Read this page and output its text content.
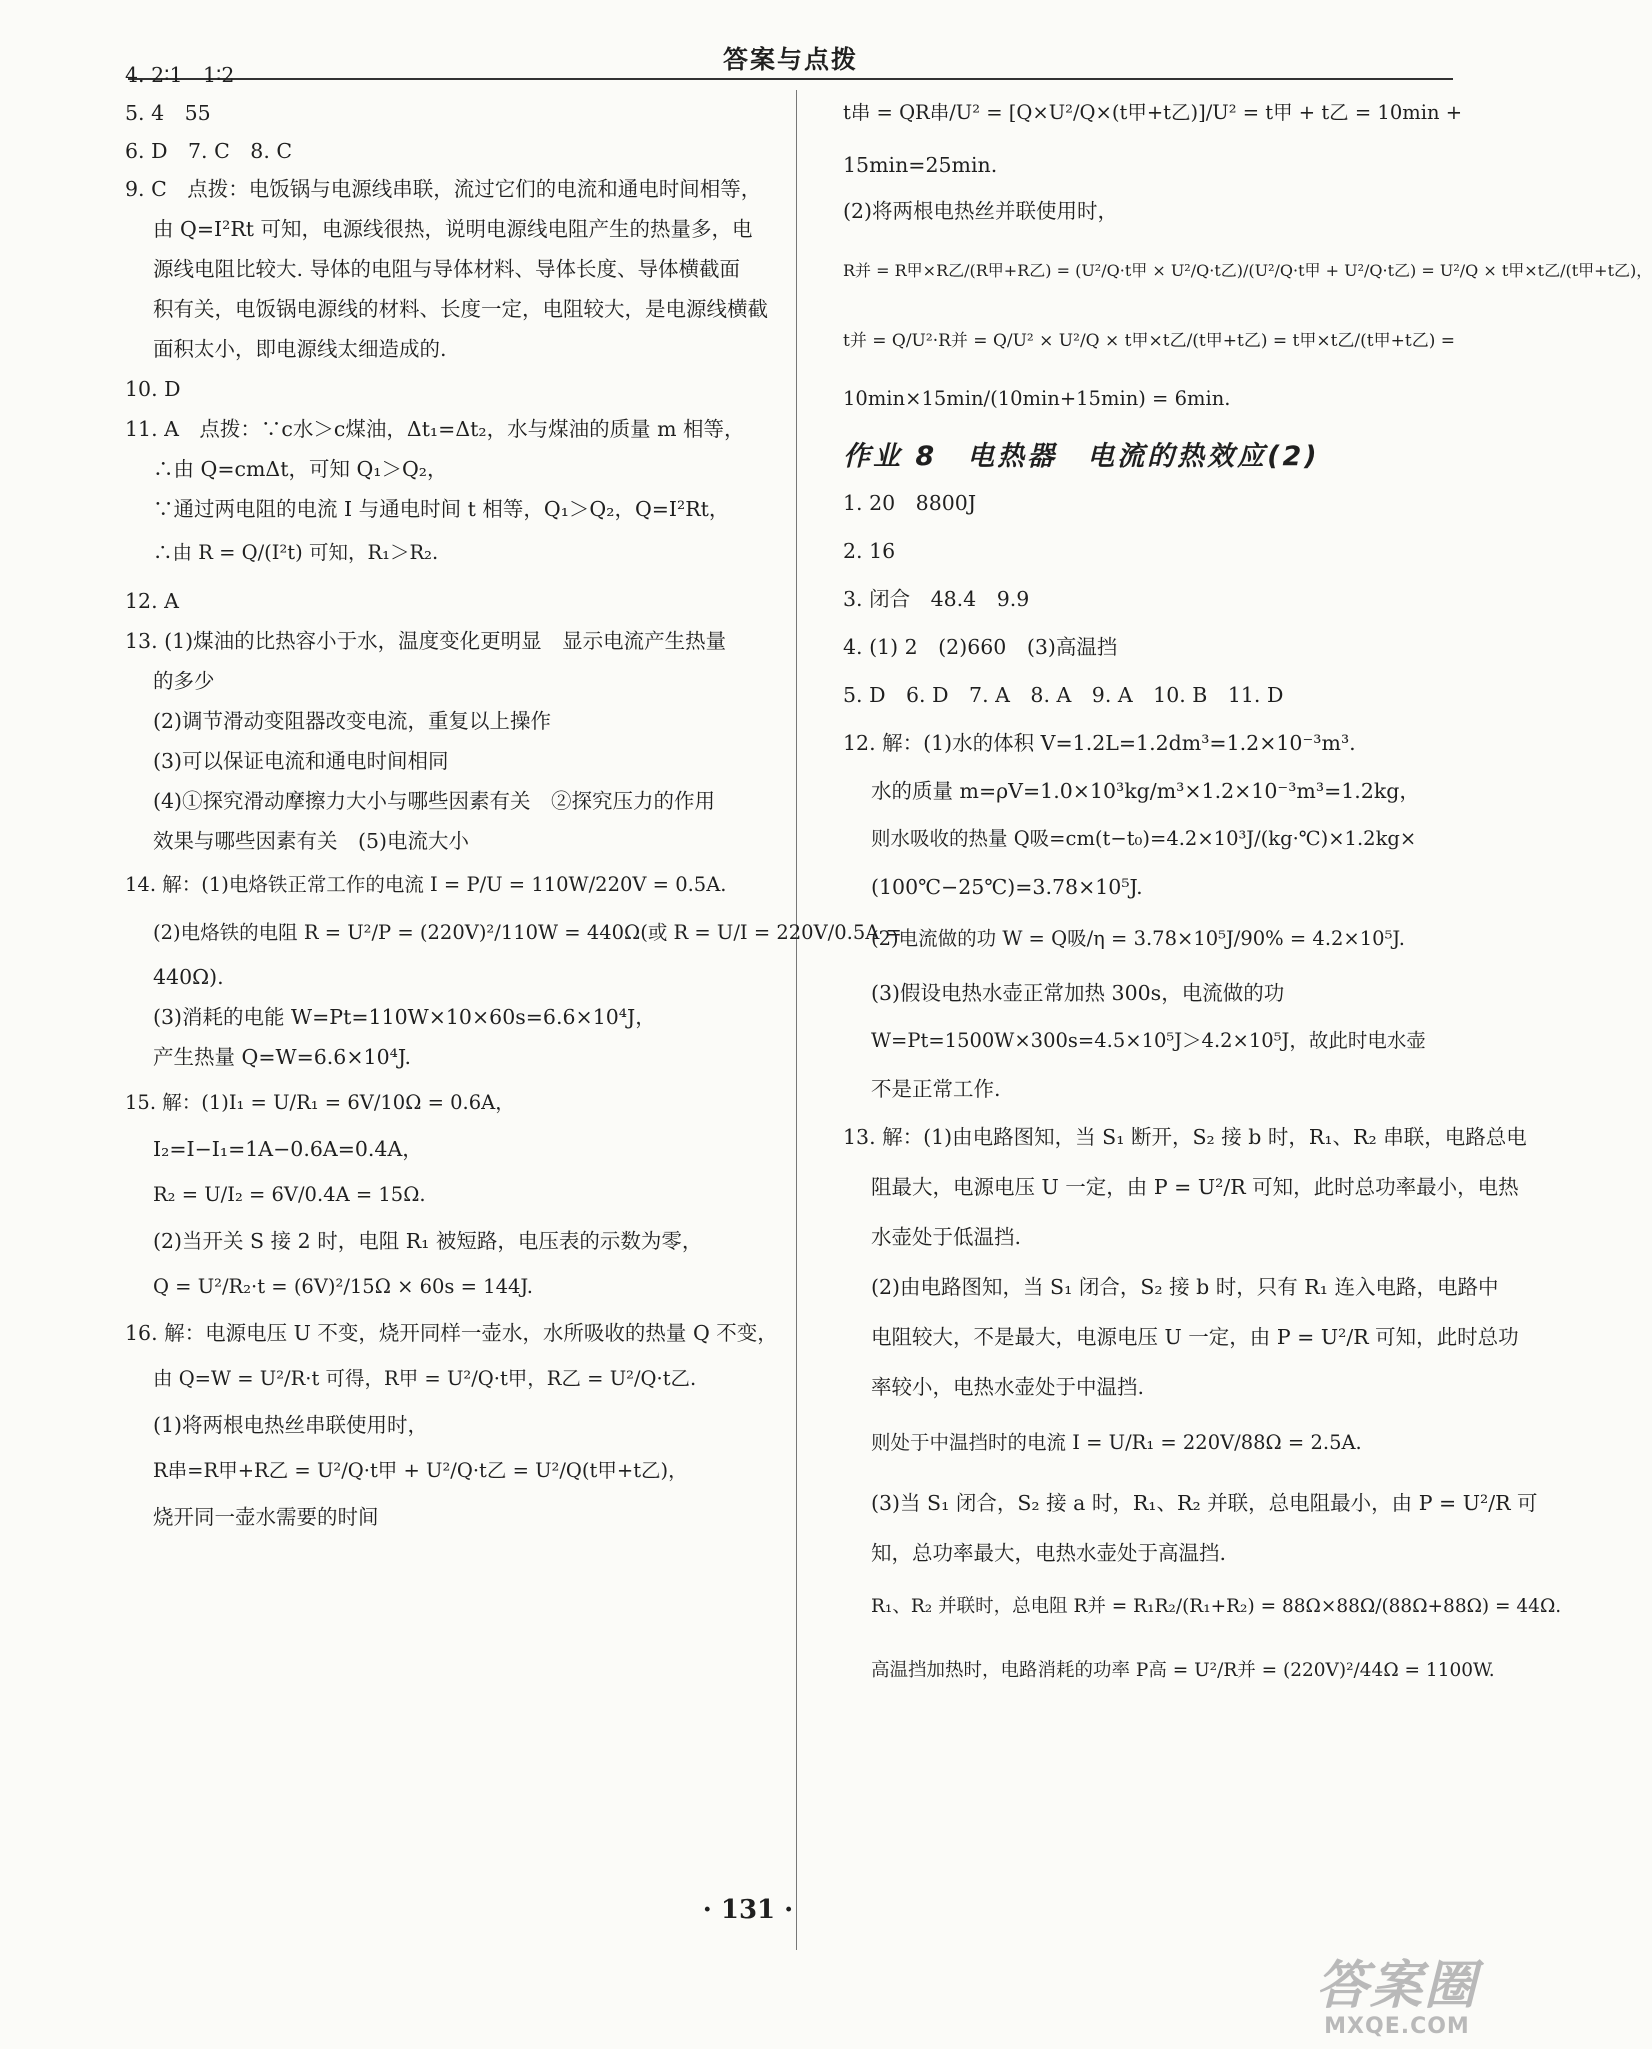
答案与点拨
4. 2∶1　1∶2
5. 4　55
6. D　7. C　8. C
9. C　点拨：电饭锅与电源线串联，流过它们的电流和通电时间相等，
由 Q=I²Rt 可知，电源线很热，说明电源线电阻产生的热量多，电
源线电阻比较大. 导体的电阻与导体材料、导体长度、导体横截面
积有关，电饭锅电源线的材料、长度一定，电阻较大，是电源线横截
面积太小，即电源线太细造成的.
10. D
11. A　点拨：∵c水＞c煤油，Δt₁=Δt₂，水与煤油的质量 m 相等，
∴由 Q=cmΔt，可知 Q₁＞Q₂，
∵通过两电阻的电流 I 与通电时间 t 相等，Q₁＞Q₂，Q=I²Rt，
∴由 R = Q/(I²t) 可知，R₁＞R₂.
12. A
13. (1)煤油的比热容小于水，温度变化更明显　显示电流产生热量
的多少
(2)调节滑动变阻器改变电流，重复以上操作
(3)可以保证电流和通电时间相同
(4)①探究滑动摩擦力大小与哪些因素有关　②探究压力的作用
效果与哪些因素有关　(5)电流大小
14. 解：(1)电烙铁正常工作的电流 I = P/U = 110W/220V = 0.5A.
(2)电烙铁的电阻 R = U²/P = (220V)²/110W = 440Ω(或 R = U/I = 220V/0.5A =
440Ω).
(3)消耗的电能 W=Pt=110W×10×60s=6.6×10⁴J，
产生热量 Q=W=6.6×10⁴J.
15. 解：(1)I₁ = U/R₁ = 6V/10Ω = 0.6A，
I₂=I−I₁=1A−0.6A=0.4A，
R₂ = U/I₂ = 6V/0.4A = 15Ω.
(2)当开关 S 接 2 时，电阻 R₁ 被短路，电压表的示数为零，
Q = U²/R₂·t = (6V)²/15Ω × 60s = 144J.
16. 解：电源电压 U 不变，烧开同样一壶水，水所吸收的热量 Q 不变，
由 Q=W = U²/R·t 可得，R甲 = U²/Q·t甲，R乙 = U²/Q·t乙.
(1)将两根电热丝串联使用时，
R串=R甲+R乙 = U²/Q·t甲 + U²/Q·t乙 = U²/Q(t甲+t乙)，
烧开同一壶水需要的时间
t串 = QR串/U² = [Q×U²/Q×(t甲+t乙)]/U² = t甲 + t乙 = 10min +
15min=25min.
(2)将两根电热丝并联使用时，
R并 = R甲×R乙/(R甲+R乙) = (U²/Q·t甲 × U²/Q·t乙)/(U²/Q·t甲 + U²/Q·t乙) = U²/Q × t甲×t乙/(t甲+t乙)，
t并 = Q/U²·R并 = Q/U² × U²/Q × t甲×t乙/(t甲+t乙) = t甲×t乙/(t甲+t乙) =
10min×15min/(10min+15min) = 6min.
作业 8　电热器　电流的热效应(2)
1. 20　8800J
2. 16
3. 闭合　48.4　9.9
4. (1) 2　(2)660　(3)高温挡
5. D　6. D　7. A　8. A　9. A　10. B　11. D
12. 解：(1)水的体积 V=1.2L=1.2dm³=1.2×10⁻³m³.
水的质量 m=ρV=1.0×10³kg/m³×1.2×10⁻³m³=1.2kg，
则水吸收的热量 Q吸=cm(t−t₀)=4.2×10³J/(kg·℃)×1.2kg×
(100℃−25℃)=3.78×10⁵J.
(2)电流做的功 W = Q吸/η = 3.78×10⁵J/90% = 4.2×10⁵J.
(3)假设电热水壶正常加热 300s，电流做的功
W=Pt=1500W×300s=4.5×10⁵J＞4.2×10⁵J，故此时电水壶
不是正常工作.
13. 解：(1)由电路图知，当 S₁ 断开，S₂ 接 b 时，R₁、R₂ 串联，电路总电
阻最大，电源电压 U 一定，由 P = U²/R 可知，此时总功率最小，电热
水壶处于低温挡.
(2)由电路图知，当 S₁ 闭合，S₂ 接 b 时，只有 R₁ 连入电路，电路中
电阻较大，不是最大，电源电压 U 一定，由 P = U²/R 可知，此时总功
率较小，电热水壶处于中温挡.
则处于中温挡时的电流 I = U/R₁ = 220V/88Ω = 2.5A.
(3)当 S₁ 闭合，S₂ 接 a 时，R₁、R₂ 并联，总电阻最小，由 P = U²/R 可
知，总功率最大，电热水壶处于高温挡.
R₁、R₂ 并联时，总电阻 R并 = R₁R₂/(R₁+R₂) = 88Ω×88Ω/(88Ω+88Ω) = 44Ω.
高温挡加热时，电路消耗的功率 P高 = U²/R并 = (220V)²/44Ω = 1100W.
· 131 ·
答案圈
MXQE.COM
